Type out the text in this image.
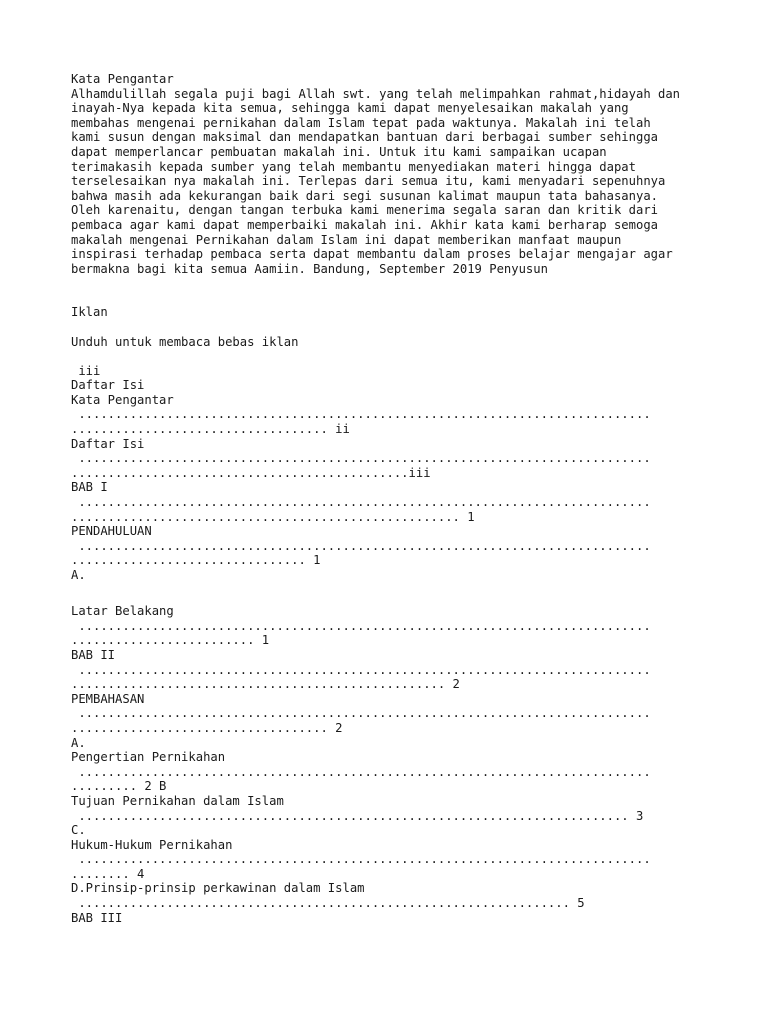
Kata Pengantar
Alhamdulillah segala puji bagi Allah swt. yang telah melimpahkan rahmat,hidayah dan
inayah-Nya kepada kita semua, sehingga kami dapat menyelesaikan makalah yang
membahas mengenai pernikahan dalam Islam tepat pada waktunya. Makalah ini telah
kami susun dengan maksimal dan mendapatkan bantuan dari berbagai sumber sehingga
dapat memperlancar pembuatan makalah ini. Untuk itu kami sampaikan ucapan
terimakasih kepada sumber yang telah membantu menyediakan materi hingga dapat
terselesaikan nya makalah ini. Terlepas dari semua itu, kami menyadari sepenuhnya
bahwa masih ada kekurangan baik dari segi susunan kalimat maupun tata bahasanya.
Oleh karenaitu, dengan tangan terbuka kami menerima segala saran dan kritik dari
pembaca agar kami dapat memperbaiki makalah ini. Akhir kata kami berharap semoga
makalah mengenai Pernikahan dalam Islam ini dapat memberikan manfaat maupun
inspirasi terhadap pembaca serta dapat membantu dalam proses belajar mengajar agar
bermakna bagi kita semua Aamiin. Bandung, September 2019 Penyusun
Iklan
Unduh untuk membaca bebas iklan
iii
Daftar Isi
Kata Pengantar
..............................................................................
................................... ii
Daftar Isi
..............................................................................
..............................................iii
BAB I
..............................................................................
..................................................... 1
PENDAHULUAN
..............................................................................
................................ 1
A.
Latar Belakang
..............................................................................
......................... 1
BAB II
..............................................................................
................................................... 2
PEMBAHASAN
..............................................................................
................................... 2
A.
Pengertian Pernikahan
..............................................................................
......... 2 B
Tujuan Pernikahan dalam Islam
........................................................................... 3
C.
Hukum-Hukum Pernikahan
..............................................................................
........ 4
D.Prinsip-prinsip perkawinan dalam Islam
................................................................... 5
BAB III
